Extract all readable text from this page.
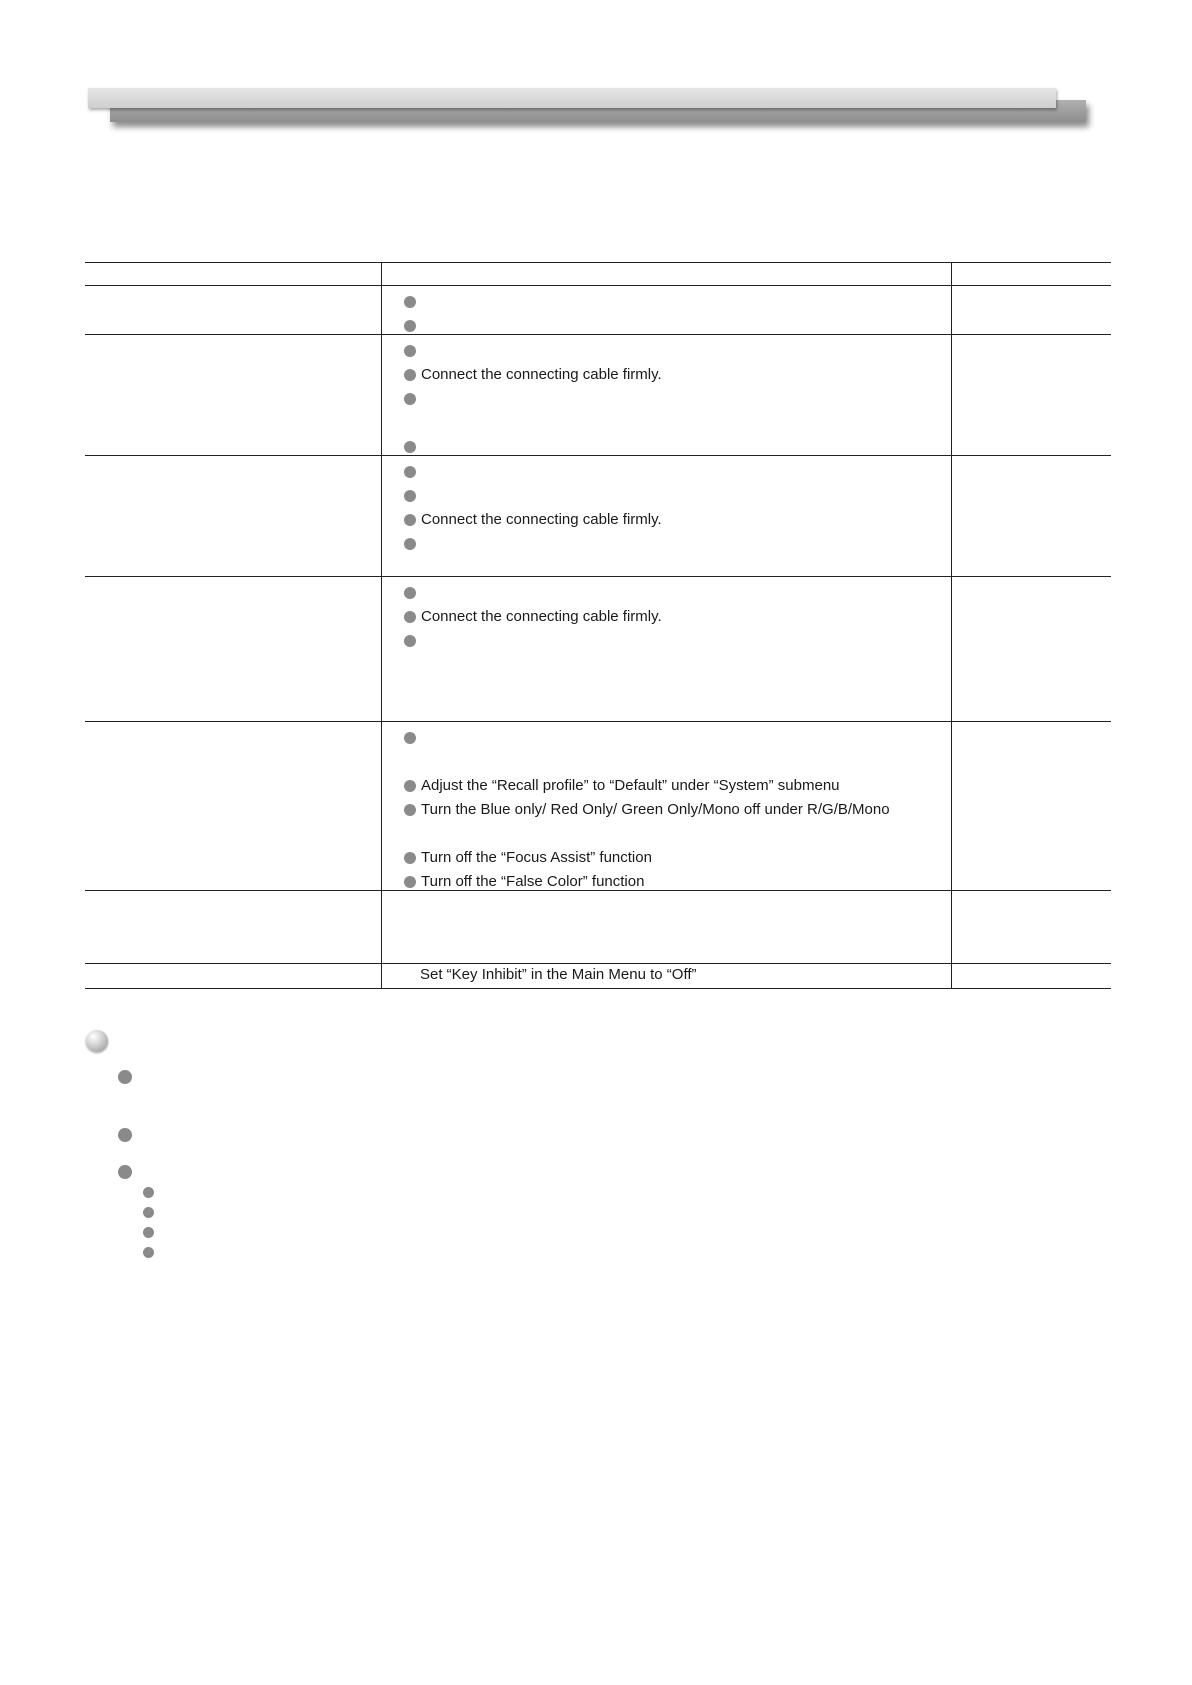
Connect the connecting cable firmly.
Connect the connecting cable firmly.
Connect the connecting cable firmly.
Adjust the “Recall profile” to “Default” under “System” submenu
Turn the Blue only/ Red Only/ Green Only/Mono off under R/G/B/Mono
Turn off the “Focus Assist” function
Turn off the “False Color” function
Set “Key Inhibit” in the Main Menu to “Off”
